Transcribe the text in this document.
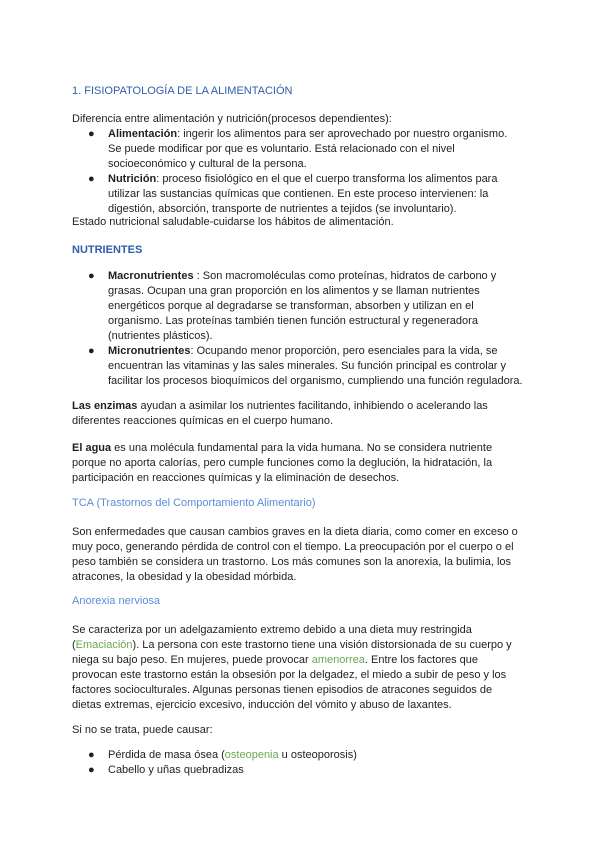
1. FISIOPATOLOGÍA DE LA ALIMENTACIÓN
Diferencia entre alimentación y nutrición(procesos dependientes):
● Alimentación: ingerir los alimentos para ser aprovechado por nuestro organismo.
Se puede modificar por que es voluntario. Está relacionado con el nivel
socioeconómico y cultural de la persona.
● Nutrición: proceso fisiológico en el que el cuerpo transforma los alimentos para
utilizar las sustancias químicas que contienen. En este proceso intervienen: la
digestión, absorción, transporte de nutrientes a tejidos (se involuntario).
Estado nutricional saludable-cuidarse los hábitos de alimentación.
NUTRIENTES
● Macronutrientes : Son macromoléculas como proteínas, hidratos de carbono y
grasas. Ocupan una gran proporción en los alimentos y se llaman nutrientes
energéticos porque al degradarse se transforman, absorben y utilizan en el
organismo. Las proteínas también tienen función estructural y regeneradora
(nutrientes plásticos).
● Micronutrientes: Ocupando menor proporción, pero esenciales para la vida, se
encuentran las vitaminas y las sales minerales. Su función principal es controlar y
facilitar los procesos bioquímicos del organismo, cumpliendo una función reguladora.
Las enzimas ayudan a asimilar los nutrientes facilitando, inhibiendo o acelerando las
diferentes reacciones químicas en el cuerpo humano.
El agua es una molécula fundamental para la vida humana. No se considera nutriente
porque no aporta calorías, pero cumple funciones como la deglución, la hidratación, la
participación en reacciones químicas y la eliminación de desechos.
TCA (Trastornos del Comportamiento Alimentario)
Son enfermedades que causan cambios graves en la dieta diaria, como comer en exceso o
muy poco, generando pérdida de control con el tiempo. La preocupación por el cuerpo o el
peso también se considera un trastorno. Los más comunes son la anorexia, la bulimia, los
atracones, la obesidad y la obesidad mórbida.
Anorexia nerviosa
Se caracteriza por un adelgazamiento extremo debido a una dieta muy restringida
(Emaciación). La persona con este trastorno tiene una visión distorsionada de su cuerpo y
niega su bajo peso. En mujeres, puede provocar amenorrea. Entre los factores que
provocan este trastorno están la obsesión por la delgadez, el miedo a subir de peso y los
factores socioculturales. Algunas personas tienen episodios de atracones seguidos de
dietas extremas, ejercicio excesivo, inducción del vómito y abuso de laxantes.
Si no se trata, puede causar:
● Pérdida de masa ósea (osteopenia u osteoporosis)
● Cabello y uñas quebradizas
